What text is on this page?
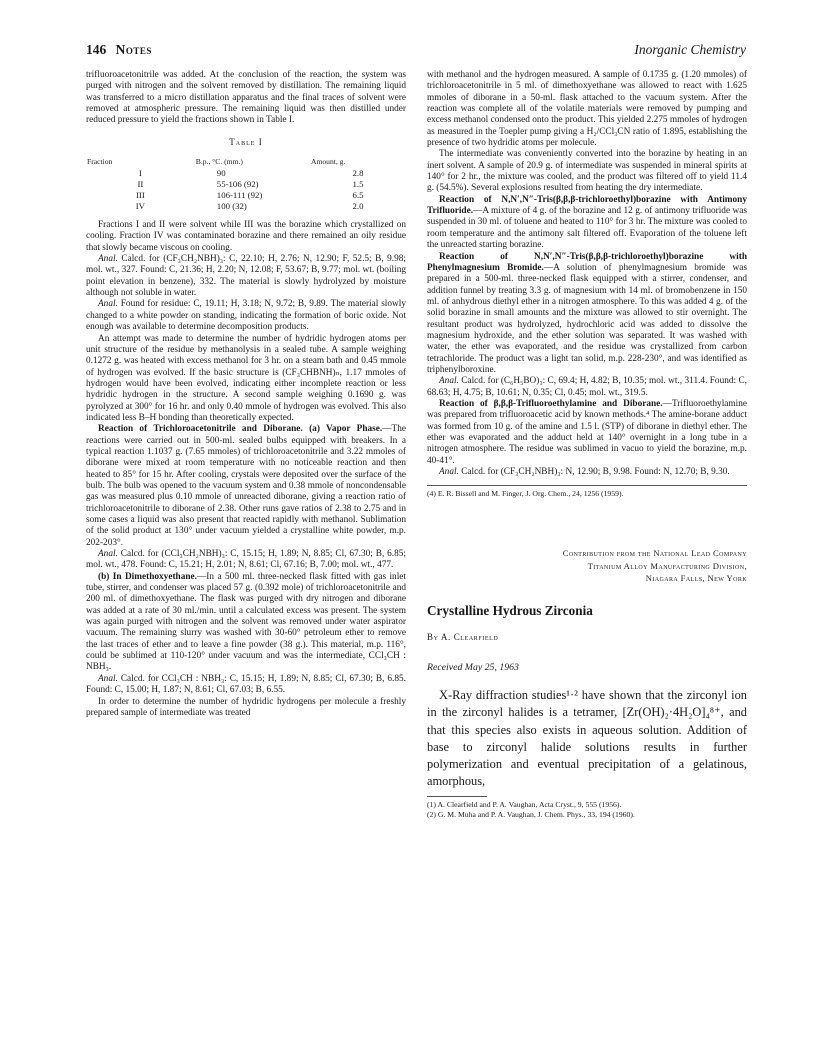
146 Notes	Inorganic Chemistry

trifluoroacetonitrile was added. At the conclusion of the reaction, the system was purged with nitrogen and the solvent removed by distillation. The remaining liquid was transferred to a micro distillation apparatus and the final traces of solvent were removed at atmospheric pressure. The remaining liquid was then distilled under reduced pressure to yield the fractions shown in Table I.

Table I
Fraction	B.p., °C. (mm.)	Amount, g.
I	90	2.8
II	55-106 (92)	1.5
III	106-111 (92)	6.5
IV	100 (32)	2.0

Fractions I and II were solvent while III was the borazine which crystallized on cooling. Fraction IV was contaminated borazine and there remained an oily residue that slowly became viscous on cooling.

Anal. Calcd. for (CF₃CH₂NBH)₃: C, 22.10; H, 2.76; N, 12.90; F, 52.5; B, 9.98; mol. wt., 327. Found: C, 21.36; H, 2.20; N, 12.08; F, 53.67; B, 9.77; mol. wt. (boiling point elevation in benzene), 332. The material is slowly hydrolyzed by moisture although not soluble in water.

Anal. Found for residue: C, 19.11; H, 3.18; N, 9.72; B, 9.89. The material slowly changed to a white powder on standing, indicating the formation of boric oxide. Not enough was available to determine decomposition products.

An attempt was made to determine the number of hydridic hydrogen atoms per unit structure of the residue by methanolysis in a sealed tube. A sample weighing 0.1272 g. was heated with excess methanol for 3 hr. on a steam bath and 0.45 mmole of hydrogen was evolved. If the basic structure is (CF₃CHBNH)ₙ, 1.17 mmoles of hydrogen would have been evolved, indicating either incomplete reaction or less hydridic hydrogen in the structure. A second sample weighing 0.1690 g. was pyrolyzed at 300° for 16 hr. and only 0.40 mmole of hydrogen was evolved. This also indicated less B–H bonding than theoretically expected.

Reaction of Trichloroacetonitrile and Diborane. (a) Vapor Phase.—The reactions were carried out in 500-ml. sealed bulbs equipped with breakers. In a typical reaction 1.1037 g. (7.65 mmoles) of trichloroacetonitrile and 3.22 mmoles of diborane were mixed at room temperature with no noticeable reaction and then heated to 85° for 15 hr. After cooling, crystals were deposited over the surface of the bulb. The bulb was opened to the vacuum system and 0.38 mmole of noncondensable gas was measured plus 0.10 mmole of unreacted diborane, giving a reaction ratio of trichloroacetonitrile to diborane of 2.38. Other runs gave ratios of 2.38 to 2.75 and in some cases a liquid was also present that reacted rapidly with methanol. Sublimation of the solid product at 130° under vacuum yielded a crystalline white powder, m.p. 202-203°.

Anal. Calcd. for (CCl₃CH₂NBH)₃: C, 15.15; H, 1.89; N, 8.85; Cl, 67.30; B, 6.85; mol. wt., 478. Found: C, 15.21; H, 2.01; N, 8.61; Cl, 67.16; B, 7.00; mol. wt., 477.

(b) In Dimethoxyethane.—In a 500 ml. three-necked flask fitted with gas inlet tube, stirrer, and condenser was placed 57 g. (0.392 mole) of trichloroacetonitrile and 200 ml. of dimethoxyethane. The flask was purged with dry nitrogen and diborane was added at a rate of 30 ml./min. until a calculated excess was present. The system was again purged with nitrogen and the solvent was removed under water aspirator vacuum. The remaining slurry was washed with 30-60° petroleum ether to remove the last traces of ether and to leave a fine powder (38 g.). This material, m.p. 116°, could be sublimed at 110-120° under vacuum and was the intermediate, CCl₃CH : NBH₃.

Anal. Calcd. for CCl₃CH : NBH₃: C, 15.15; H, 1.89; N, 8.85; Cl, 67.30; B, 6.85. Found: C, 15.00; H, 1.87; N, 8.61; Cl, 67.03; B, 6.55.

In order to determine the number of hydridic hydrogens per molecule a freshly prepared sample of intermediate was treated

with methanol and the hydrogen measured. A sample of 0.1735 g. (1.20 mmoles) of trichloroacetonitrile in 5 ml. of dimethoxyethane was allowed to react with 1.625 mmoles of diborane in a 50-ml. flask attached to the vacuum system. After the reaction was complete all of the volatile materials were removed by pumping and excess methanol condensed onto the product. This yielded 2.275 mmoles of hydrogen as measured in the Toepler pump giving a H₂/CCl₃CN ratio of 1.895, establishing the presence of two hydridic atoms per molecule.

The intermediate was conveniently converted into the borazine by heating in an inert solvent. A sample of 20.9 g. of intermediate was suspended in mineral spirits at 140° for 2 hr., the mixture was cooled, and the product was filtered off to yield 11.4 g. (54.5%). Several explosions resulted from heating the dry intermediate.

Reaction of N,N′,N″-Tris(β,β,β-trichloroethyl)borazine with Antimony Trifluoride.—A mixture of 4 g. of the borazine and 12 g. of antimony trifluoride was suspended in 30 ml. of toluene and heated to 110° for 3 hr. The mixture was cooled to room temperature and the antimony salt filtered off. Evaporation of the toluene left the unreacted starting borazine.

Reaction of N,N′,N″-Tris(β,β,β-trichloroethyl)borazine with Phenylmagnesium Bromide.—A solution of phenylmagnesium bromide was prepared in a 500-ml. three-necked flask equipped with a stirrer, condenser, and addition funnel by treating 3.3 g. of magnesium with 14 ml. of bromobenzene in 150 ml. of anhydrous diethyl ether in a nitrogen atmosphere. To this was added 4 g. of the solid borazine in small amounts and the mixture was allowed to stir overnight. The resultant product was hydrolyzed, hydrochloric acid was added to dissolve the magnesium hydroxide, and the ether solution was separated. It was washed with water, the ether was evaporated, and the residue was crystallized from carbon tetrachloride. The product was a light tan solid, m.p. 228-230°, and was identified as triphenylboroxine.

Anal. Calcd. for (C₆H₅BO)₃: C, 69.4; H, 4.82; B, 10.35; mol. wt., 311.4. Found: C, 68.63; H, 4.75; B, 10.61; N, 0.35; Cl, 0.45; mol. wt., 319.5.

Reaction of β,β,β-Trifluoroethylamine and Diborane.—Trifluoroethylamine was prepared from trifluoroacetic acid by known methods.⁴ The amine-borane adduct was formed from 10 g. of the amine and 1.5 l. (STP) of diborane in diethyl ether. The ether was evaporated and the adduct held at 140° overnight in a long tube in a nitrogen atmosphere. The residue was sublimed in vacuo to yield the borazine, m.p. 40-41°.

Anal. Calcd. for (CF₃CH₂NBH)₃: N, 12.90; B, 9.98. Found: N, 12.70; B, 9.30.

(4) E. R. Bissell and M. Finger, J. Org. Chem., 24, 1256 (1959).

Contribution from the National Lead Company
Titanium Alloy Manufacturing Division,
Niagara Falls, New York

Crystalline Hydrous Zirconia

By A. Clearfield

Received May 25, 1963

X-Ray diffraction studies¹·² have shown that the zirconyl ion in the zirconyl halides is a tetramer, [Zr(OH)₂·4H₂O]₄⁸⁺, and that this species also exists in aqueous solution. Addition of base to zirconyl halide solutions results in further polymerization and eventual precipitation of a gelatinous, amorphous,

(1) A. Clearfield and P. A. Vaughan, Acta Cryst., 9, 555 (1956).

(2) G. M. Muha and P. A. Vaughan, J. Chem. Phys., 33, 194 (1960).
